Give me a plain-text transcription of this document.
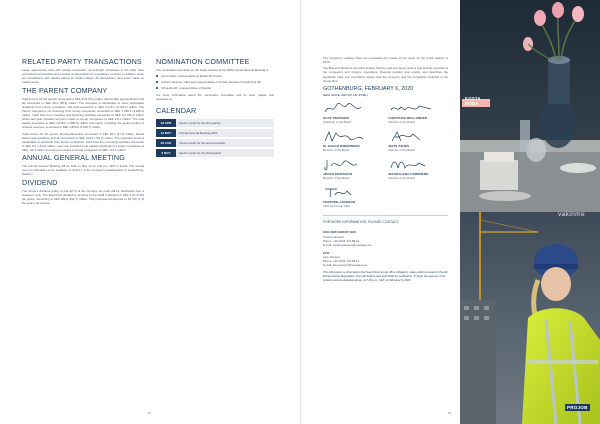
RELATED PARTY TRANSACTIONS

Lease agreements exist with related companies. Arms-length companies to the CEO have purchased merchandise and received compensation for consultancy services. In addition, there are transactions with related parties at market values. All transactions have been made on market terms.

THE PARENT COMPANY

Total income for the quarter amounted to SEK 20.9 (5.0) million. Result after appropriations and tax amounted to SEK 45.0 (89.5) million. The decrease is attributable to lower anticipated dividends from Group companies. Net debt amounted to SEK 2,474.2 (3,723.6) million. The Parent Company's net financing from Group companies amounted to SEK 2,468.9 (3,648.4) million. Cash flow from investing and financing activities amounted to SEK 6.6 (35.2) million where last year included long-term loans to Group companies of SEK 9.6.1 million. The total assets amounted to SEK 4,916.0 (4,986.6) million and equity, including the equity portion of untaxed reserves, amounted to SEK 2,850.0 (2,945.7) million.

Total income for the period January-December amounted to SEK 84.4 (47.4) million. Result before appropriations and tax amounted to SEK 213.9 (751.2) million. The improved result is attributable to dividends from Group companies. Cash flow from investing activities amounted to SEK 6.6 (–64.6) million. Last year included a net capital contribution to Group companies of SEK –59.3 million and long-term loans to Group companies of SEK –9.6.1 million.

ANNUAL GENERAL MEETING

The Annual General Meeting will be held on May 13 at 1.00 pm. CET in Kosta. The annual report is scheduled to be available on April 17 at the company's headquarters in Gothenburg, Sweden.

DIVIDEND

The Group's dividend policy is that 40 % of the Group's net profit will be distributed over a business cycle. The Board has decided to propose to the AGM a dividend of SEK 2.20 (2.00) per share, amounting to SEK 186.6 (152.7) million. This proposal corresponds to 39 (37) % of the year's net income.

NOMINATION COMMITTEE

The nomination committee for the board election at the 2020 Annual General Meeting is:

Anna Lärka, representative of Fjärde AP-fonden
Torsten Jansson, CEO and representative of Torsten Jansson Förvaltnings AB
Ulf Hedlundh, representative of Svolder

For more information about the nomination committee and its work, please visit newwave.se.

CALENDAR
23 APR	Interim report for the first quarter
13 MAY	Annual General Meeting 2020
20 AUG	Interim report for the second quarter
6 NOV	Interim report for the third quarter
12

The company's auditors have not conducted any review of the report for the fourth quarter of 2019.

The Board of Directors and CEO declare that the year-end report gives a true and fair overview of the company's and Group's operations, financial position and results, and describes the significant risks and uncertainty factors that the company and the companies included in the Group face.

GOTHENBURG, FEBRUARY 6, 2020
NEW WAVE GROUP AB (PUBL)
OLOF PERSSON
Chairman of the Board
CHRISTINA BELLANDER
Member of the Board
M. JOHAN WIDERBERG
Member of the Board
MATS ÅRJES
Member of the Board
JONAS ERIKSSON
Member of the Board
MAGDALENA FORSBERG
Member of the Board
TORSTEN JANSSON
CEO and Group CEO
FOR MORE INFORMATION, PLEASE CONTACT:
CEO AND GROUP CEO
Torsten Jansson
Phone: +46 (0)31-712 89 01
E-mail: torsten.jansson@newwave.se
CFO
Lars Jönsson
Phone: +46 (0)31-712 89 12
E-mail: lars.jonsson@newwave.se
The information is information that New Wave Group AB is obliged to make public pursuant to the EU Market Abuse Regulation. The information was submitted for publication, through the agency of the contact persons detailed above, at 7.00 a.m. CET on February 6, 2020.
13
KOSTA BODA
vakinme
PROJOB
